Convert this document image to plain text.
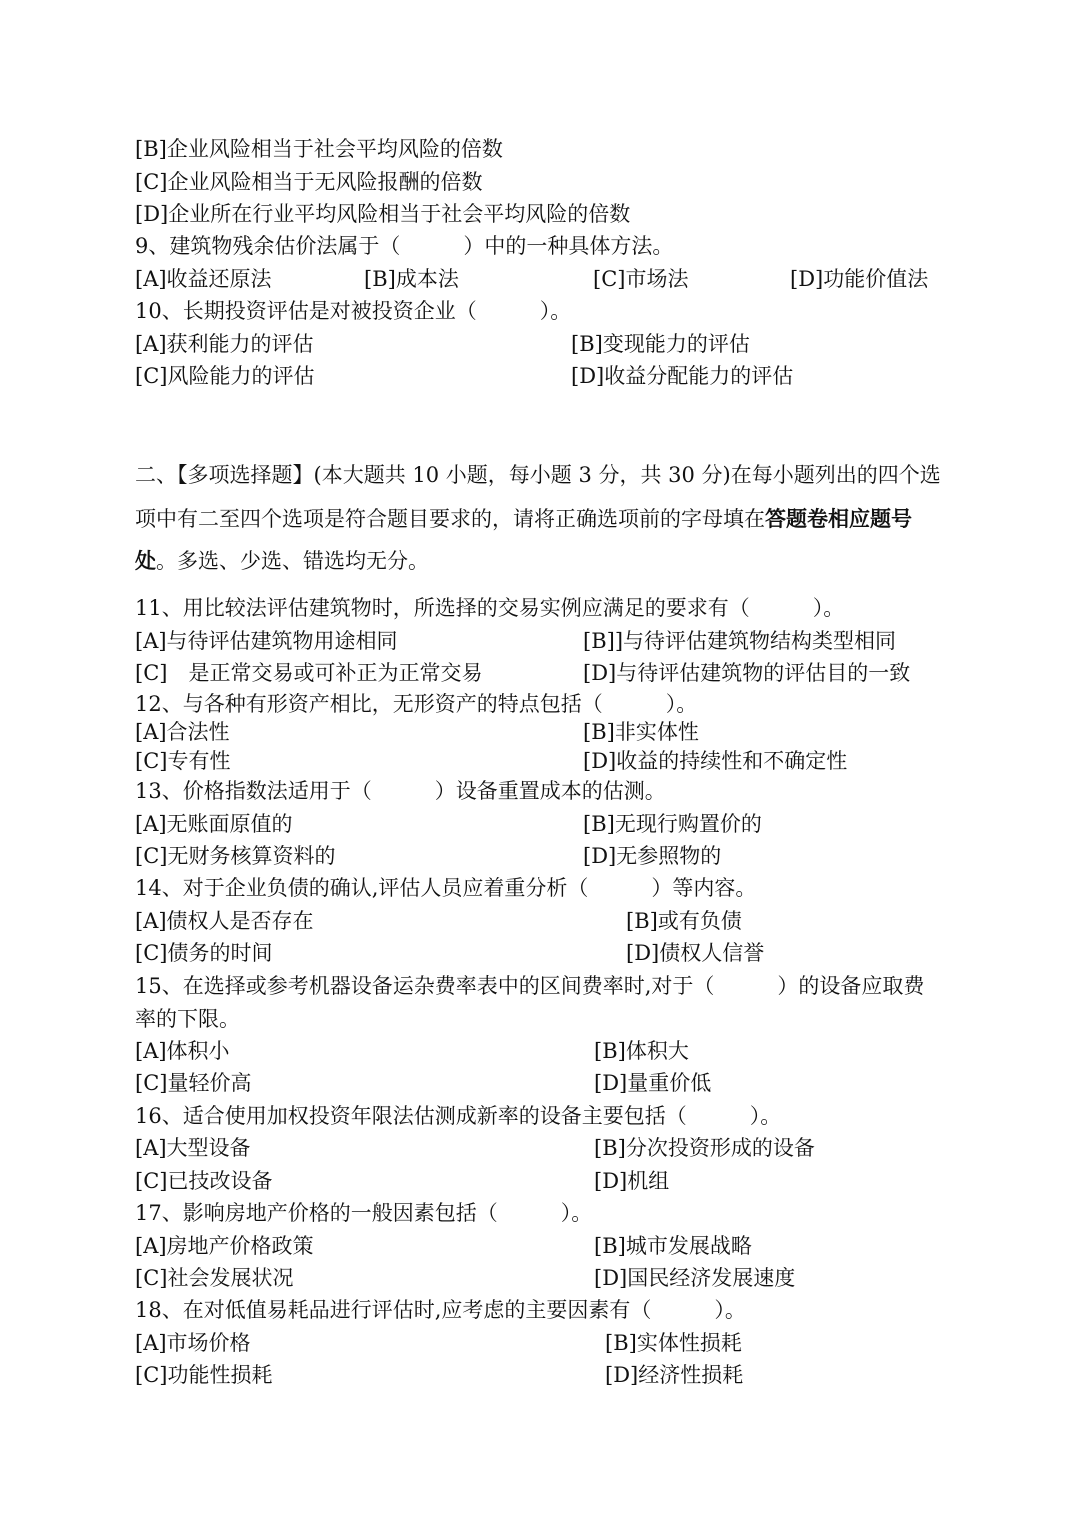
[B]企业风险相当于社会平均风险的倍数
[C]企业风险相当于无风险报酬的倍数
[D]企业所在行业平均风险相当于社会平均风险的倍数
9、建筑物残余估价法属于（　　　）中的一种具体方法。
[A]收益还原法	[B]成本法	[C]市场法	[D]功能价值法
10、长期投资评估是对被投资企业（　　　）。
[A]获利能力的评估	[B]变现能力的评估
[C]风险能力的评估	[D]收益分配能力的评估
二、【多项选择题】(本大题共 10 小题，每小题 3 分，共 30 分)在每小题列出的四个选
项中有二至四个选项是符合题目要求的，请将正确选项前的字母填在答题卷相应题号
处。多选、少选、错选均无分。
11、用比较法评估建筑物时，所选择的交易实例应满足的要求有（　　　）。
[A]与待评估建筑物用途相同	[B]]与待评估建筑物结构类型相同
[C]　是正常交易或可补正为正常交易	[D]与待评估建筑物的评估目的一致
12、与各种有形资产相比，无形资产的特点包括（　　　）。
[A]合法性	[B]非实体性
[C]专有性	[D]收益的持续性和不确定性
13、价格指数法适用于（　　　）设备重置成本的估测。
[A]无账面原值的	[B]无现行购置价的
[C]无财务核算资料的	[D]无参照物的
14、对于企业负债的确认,评估人员应着重分析（　　　）等内容。
[A]债权人是否存在	[B]或有负债
[C]债务的时间	[D]债权人信誉
15、在选择或参考机器设备运杂费率表中的区间费率时,对于（　　　）的设备应取费
率的下限。
[A]体积小	[B]体积大
[C]量轻价高	[D]量重价低
16、适合使用加权投资年限法估测成新率的设备主要包括（　　　）。
[A]大型设备	[B]分次投资形成的设备
[C]已技改设备	[D]机组
17、影响房地产价格的一般因素包括（　　　）。
[A]房地产价格政策	[B]城市发展战略
[C]社会发展状况	[D]国民经济发展速度
18、在对低值易耗品进行评估时,应考虑的主要因素有（　　　）。
[A]市场价格	[B]实体性损耗
[C]功能性损耗	[D]经济性损耗
